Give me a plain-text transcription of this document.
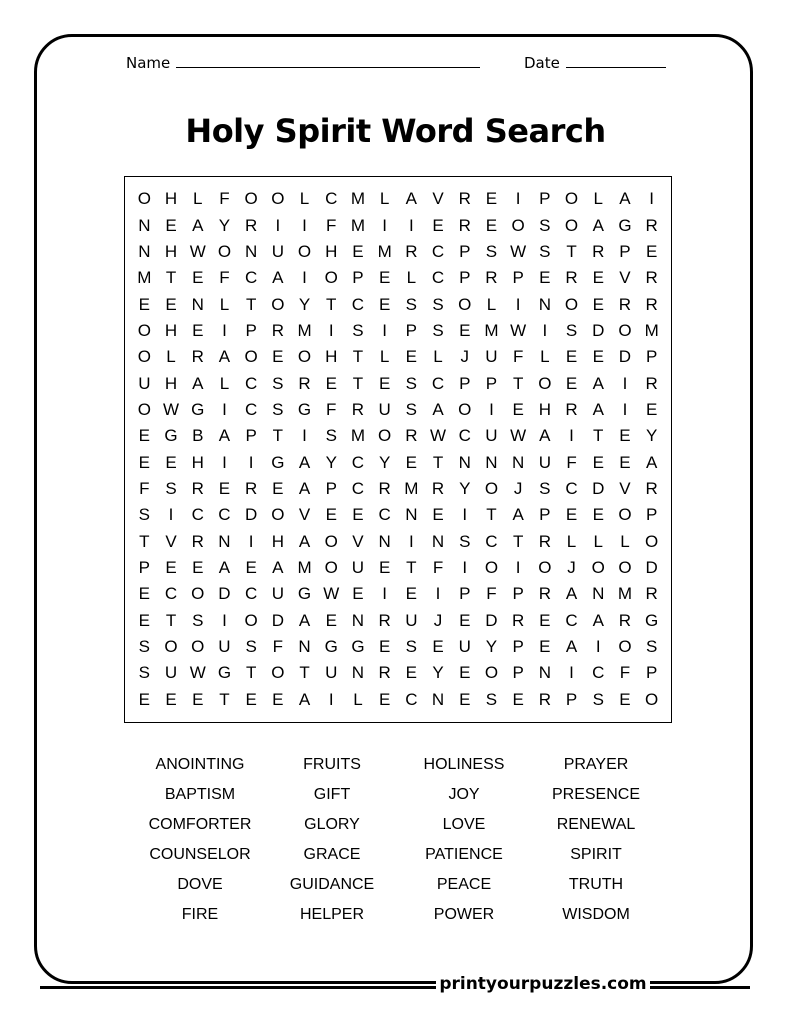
Name	Date
Holy Spirit Word Search
O H L F O O L C M L A V R E	I	P O L A	I
N E A Y R	I	I	F M	I	I	E R E O S O A G R
N H W O N U O H E M R C P S W S T R P E
M T E F C A	I	O P E L C P R P E R E V R
E E N L T O Y T C E S S O L	I	N O E R R
O H E	I	P R M	I	S	I	P S E M W I	S D O M
O L R A O E O H T L E L	J U F L E E D P
U H A L C S R E T E S C P P T O E A	I	R
O W G	I	C S G F R U S A O	I	E H R A	I	E
E G B A P T	I	S M O R W C U W A	I	T E Y
E E H	I	I	G A Y C Y E T N N N U F E E A
F S R E R E A P C R M R Y O J S C D V R
S	I	C C D O V E E C N E	I	T A P E E O P
T V R N	I	H A O V N	I	N S C T R L	L	L O
P E E A E A M O U E T F	I	O	I	O J O O D
E C O D C U G W E	I	E	I	P F P R A N M R
E T S	I	O D A E N R U J E D R E C A R G
S O O U S F N G G E S E U Y P E A	I	O S
S U W G T O T U N R E Y E O P N	I	C F P
E E E T E E A	I	L E C N E S E R P S E O
ANOINTING	FRUITS	HOLINESS	PRAYER
BAPTISM	GIFT	JOY	PRESENCE
COMFORTER	GLORY	LOVE	RENEWAL
COUNSELOR	GRACE	PATIENCE	SPIRIT
DOVE	GUIDANCE	PEACE	TRUTH
FIRE	HELPER	POWER	WISDOM
printyourpuzzles.com
